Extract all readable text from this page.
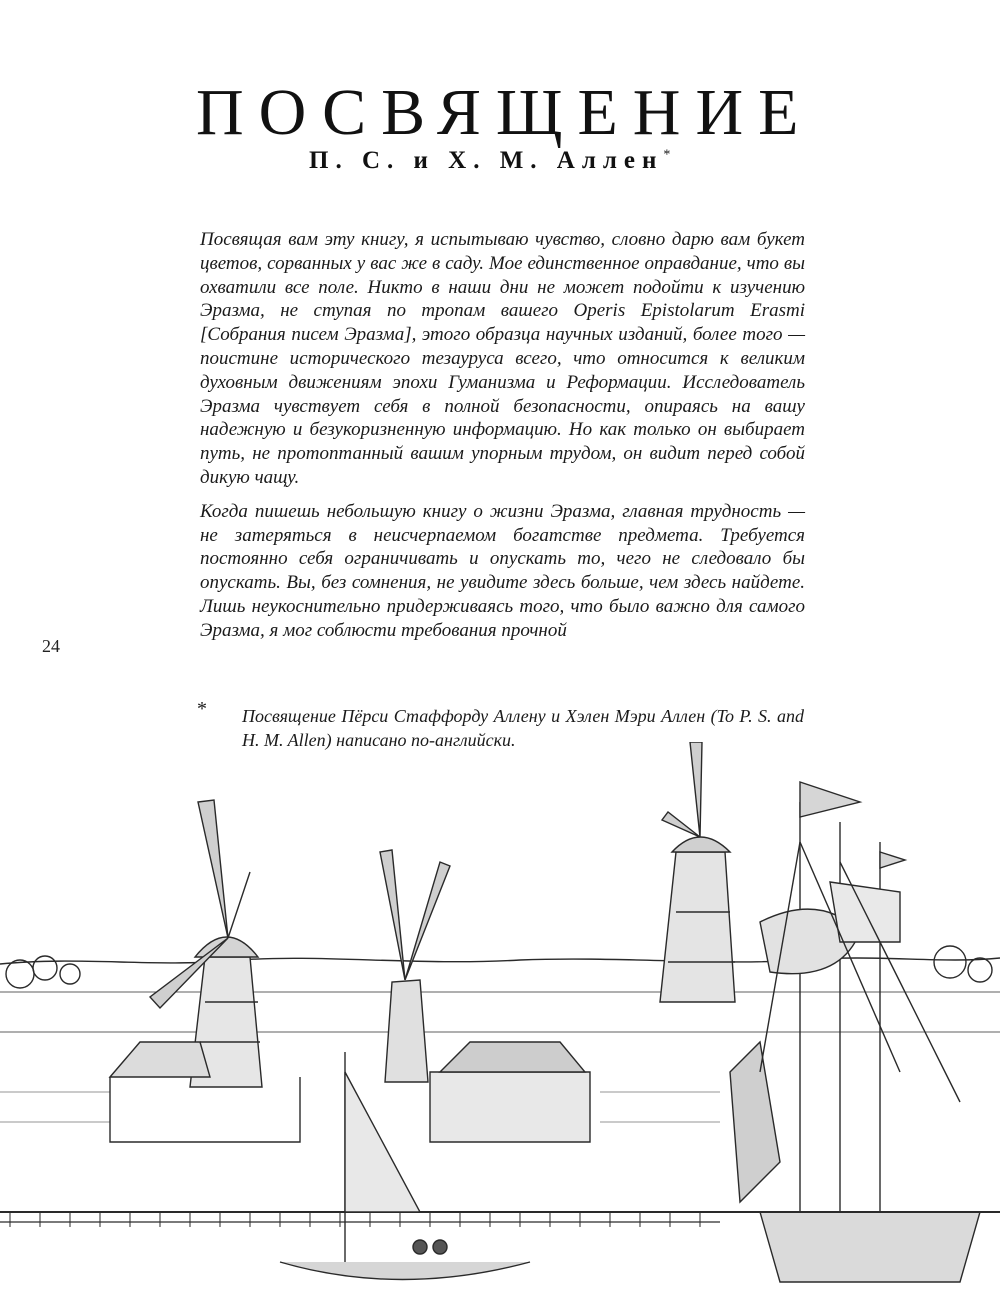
ПОСВЯЩЕНИЕ
П. С. и Х. М. Аллен*

Посвящая вам эту книгу, я испытываю чувство, словно дарю вам букет цветов, сорванных у вас же в саду. Мое единственное оправдание, что вы охватили все поле. Никто в наши дни не может подойти к изучению Эразма, не ступая по тропам вашего Operis Epistolarum Erasmi [Собрания писем Эразма], этого образца научных изданий, более того — поистине исторического тезауруса всего, что относится к великим духовным движениям эпохи Гуманизма и Реформации. Исследователь Эразма чувствует себя в полной безопасности, опираясь на вашу надежную и безукоризненную информацию. Но как только он выбирает путь, не протоптанный вашим упорным трудом, он видит перед собой дикую чащу.

Когда пишешь небольшую книгу о жизни Эразма, главная трудность — не затеряться в неисчерпаемом богатстве предмета. Требуется постоянно себя ограничивать и опускать то, чего не следовало бы опускать. Вы, без сомнения, не увидите здесь больше, чем здесь найдете. Лишь неукоснительно придерживаясь того, что было важно для самого Эразма, я мог соблюсти требования прочной

24
* Посвящение Пёрси Стаффорду Аллену и Хэлен Мэри Аллен (To P. S. and H. M. Allen) написано по-английски.
